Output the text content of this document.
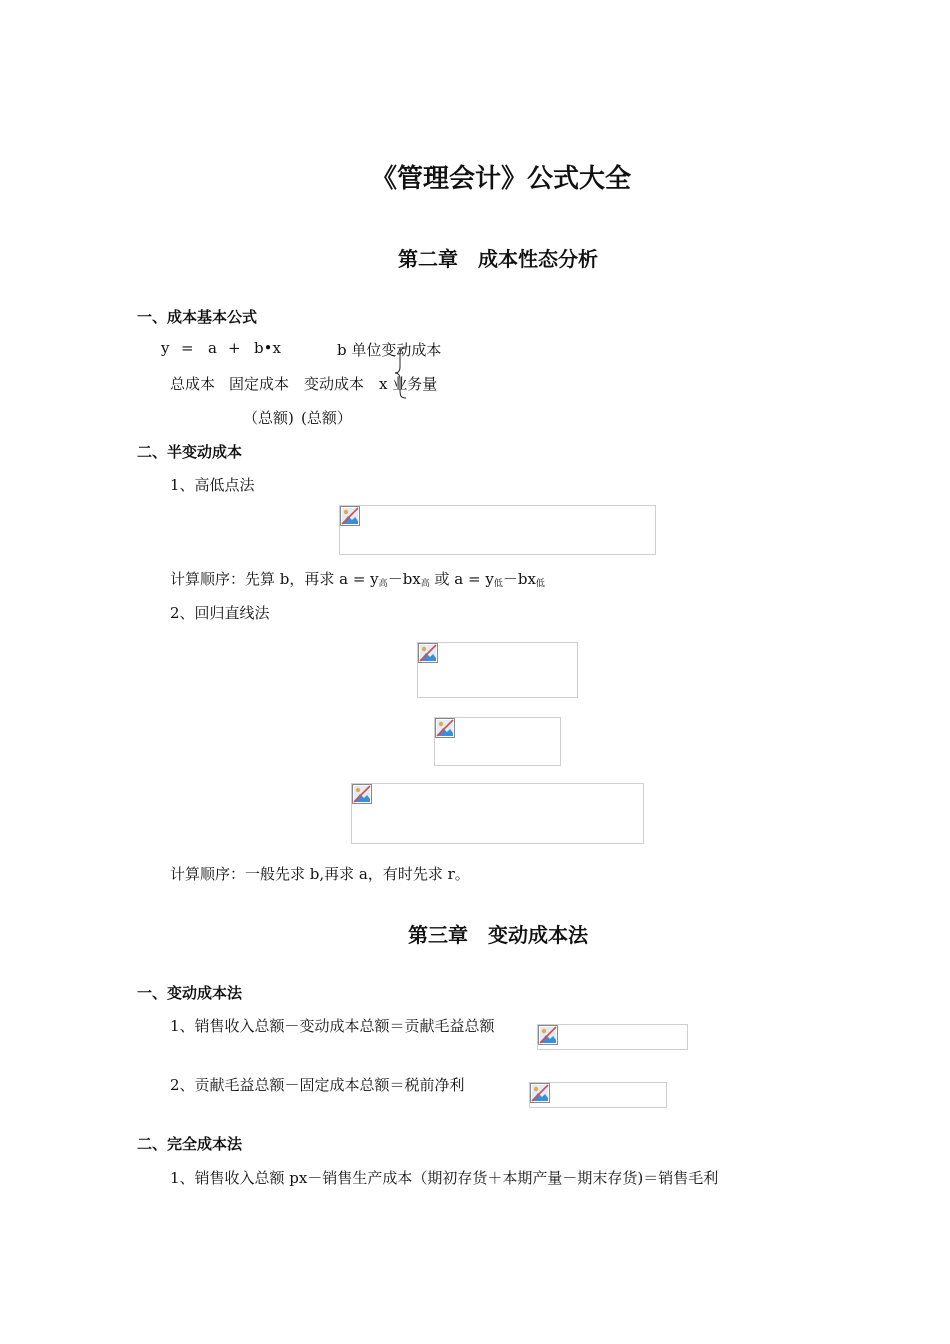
《管理会计》公式大全
第二章　成本性态分析
一、成本基本公式
y = a + b•x	b 单位变动成本
总成本 固定成本 变动成本 x 业务量
（总额) (总额）
二、半变动成本
1、高低点法
计算顺序：先算 b，再求 $a = y_高-bx_高$ 或 $a = y_低-bx_低$
2、回归直线法
计算顺序：一般先求 b,再求 a，有时先求 r。
第三章　变动成本法
一、变动成本法
1、销售收入总额－变动成本总额＝贡献毛益总额
2、贡献毛益总额－固定成本总额＝税前净利
二、完全成本法
1、销售收入总额 px－销售生产成本（期初存货＋本期产量－期末存货)＝销售毛利
